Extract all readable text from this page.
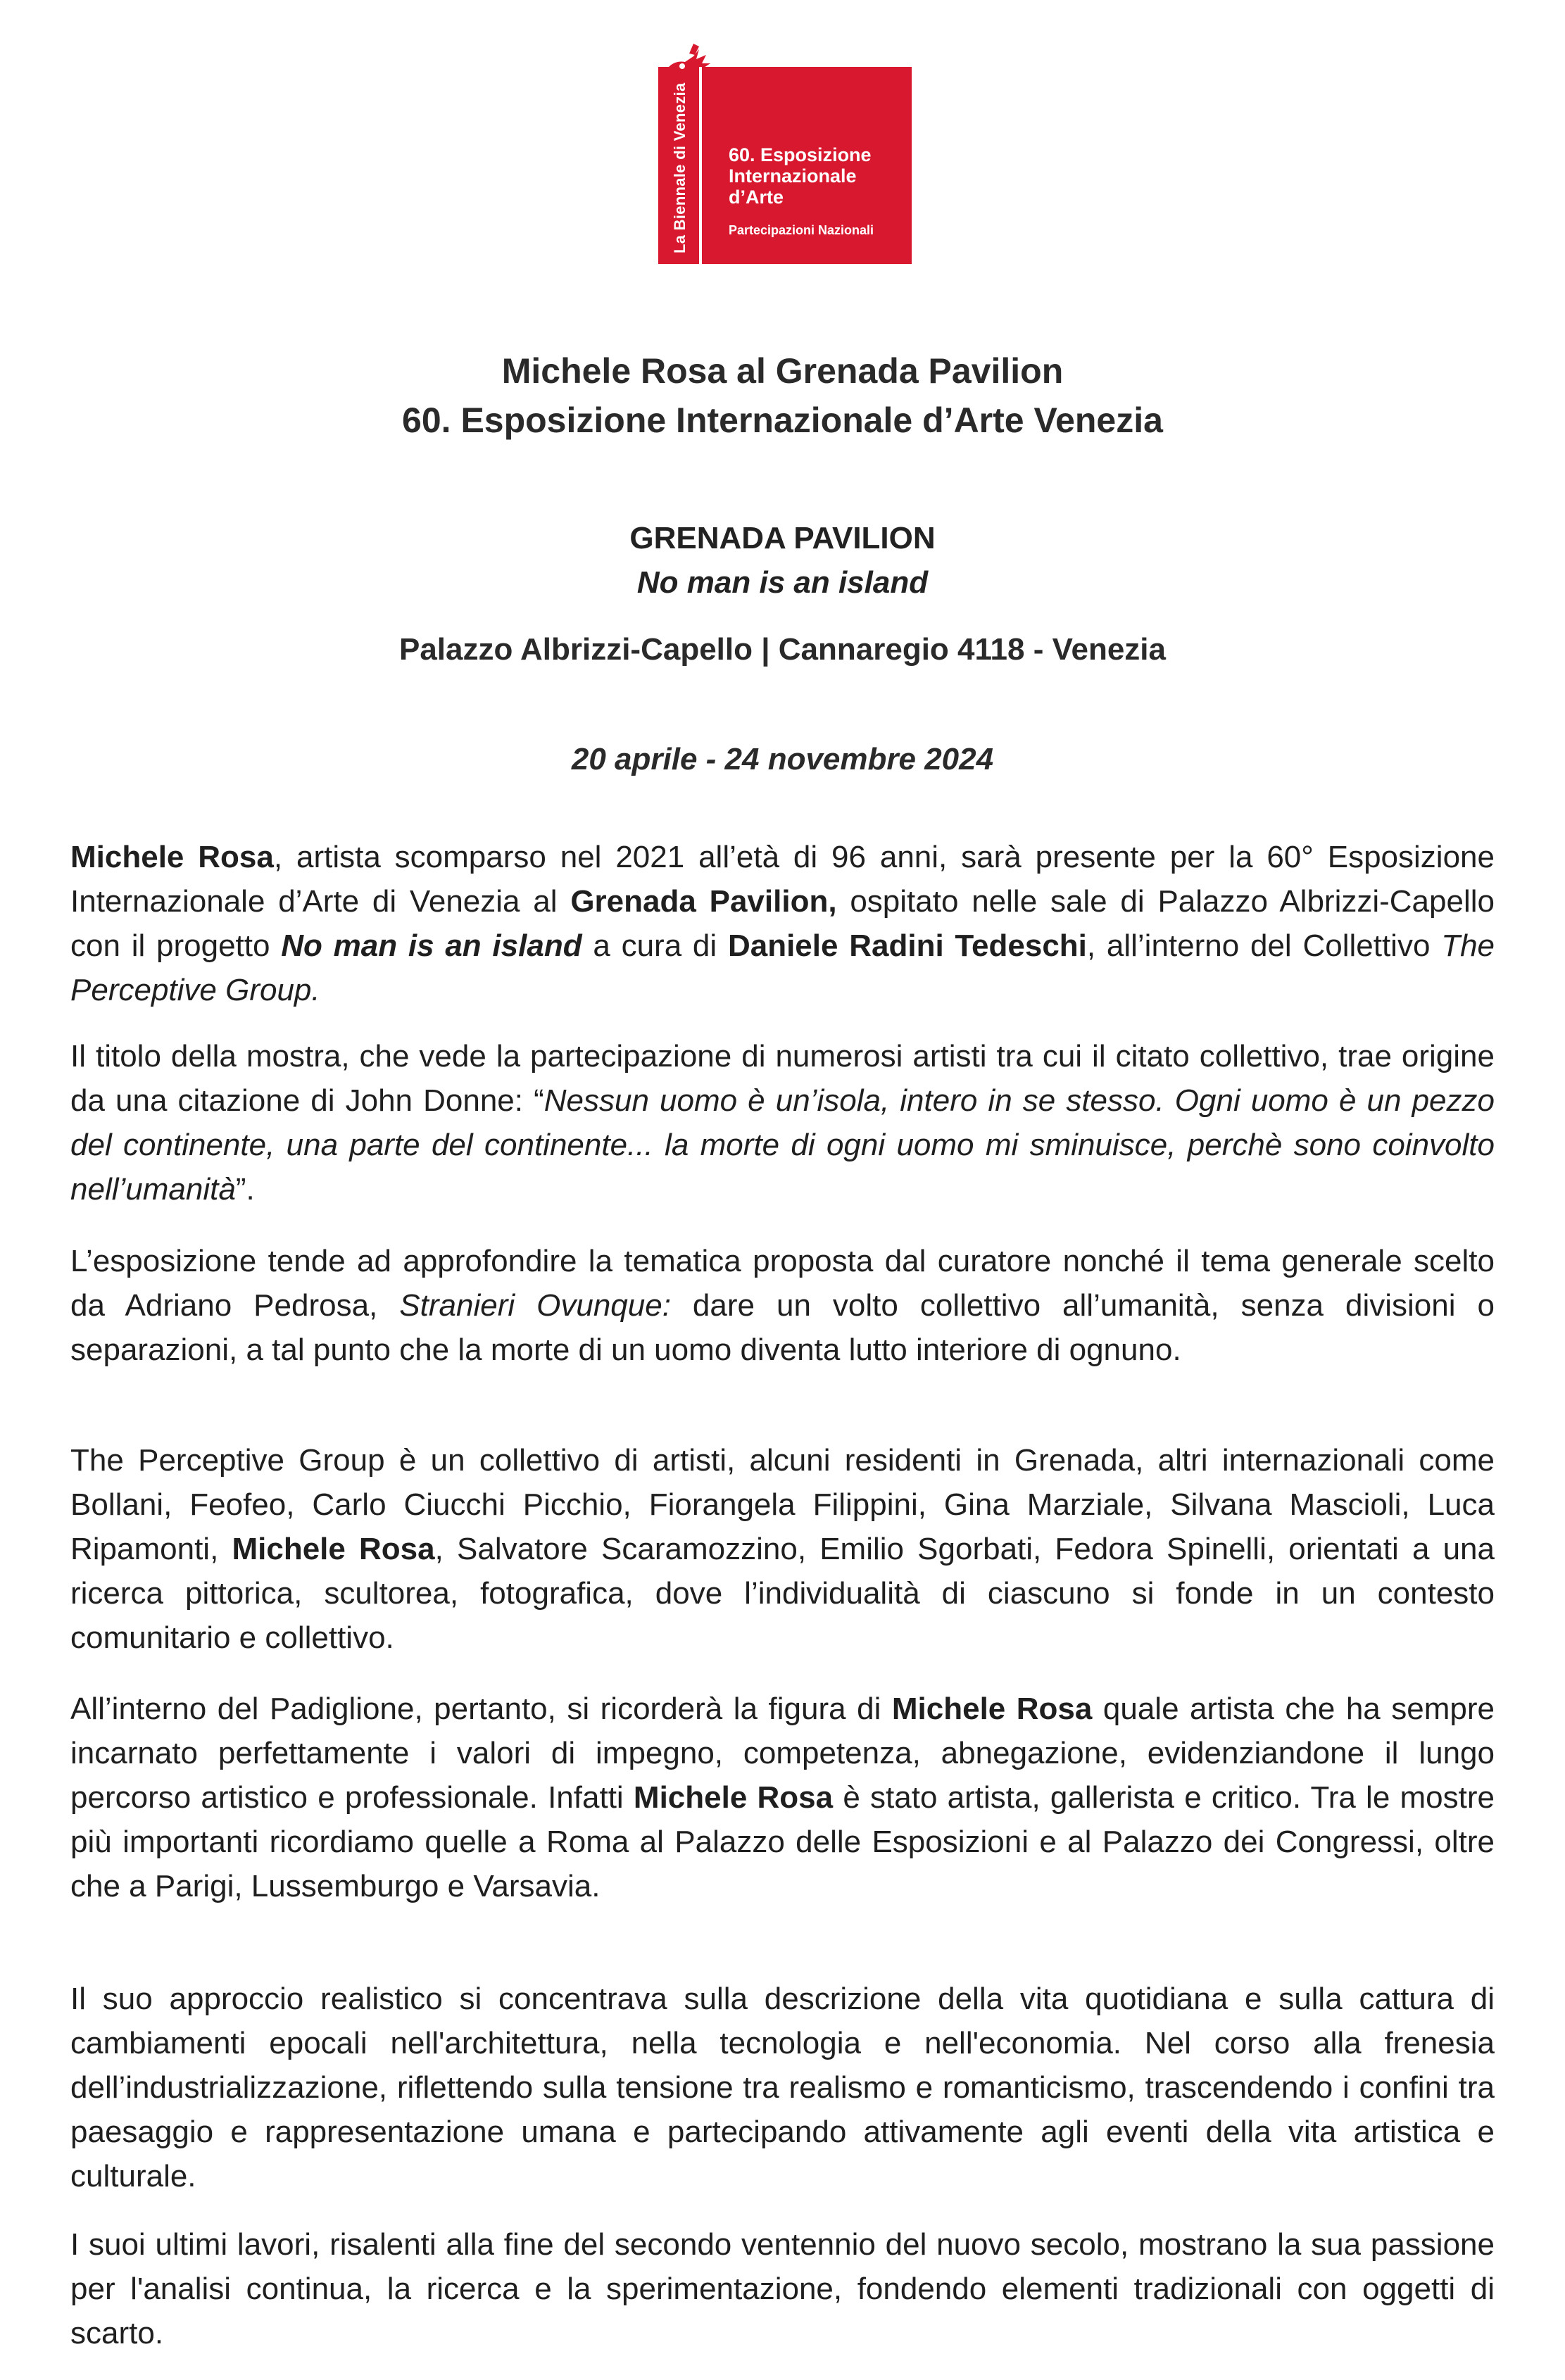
La Biennale di Venezia 60. Esposizione
Internazionale
d’Arte
Partecipazioni Nazionali
Michele Rosa al Grenada Pavilion
60. Esposizione Internazionale d’Arte Venezia
GRENADA PAVILION
No man is an island
Palazzo Albrizzi-Capello | Cannaregio 4118 - Venezia
20 aprile - 24 novembre 2024
Michele Rosa, artista scomparso nel 2021 all’età di 96 anni, sarà presente per la 60° Esposizione Internazionale d’Arte di Venezia al Grenada Pavilion, ospitato nelle sale di Palazzo Albrizzi-Capello con il progetto No man is an island a cura di Daniele Radini Tedeschi, all’interno del Collettivo The Perceptive Group.
Il titolo della mostra, che vede la partecipazione di numerosi artisti tra cui il citato collettivo, trae origine da una citazione di John Donne: “Nessun uomo è un’isola, intero in se stesso. Ogni uomo è un pezzo del continente, una parte del continente... la morte di ogni uomo mi sminuisce, perchè sono coinvolto nell’umanità”.
L’esposizione tende ad approfondire la tematica proposta dal curatore nonché il tema generale scelto da Adriano Pedrosa, Stranieri Ovunque: dare un volto collettivo all’umanità, senza divisioni o separazioni, a tal punto che la morte di un uomo diventa lutto interiore di ognuno.
The Perceptive Group è un collettivo di artisti, alcuni residenti in Grenada, altri internazionali come Bollani, Feofeo, Carlo Ciucchi Picchio, Fiorangela Filippini, Gina Marziale, Silvana Mascioli, Luca Ripamonti, Michele Rosa, Salvatore Scaramozzino, Emilio Sgorbati, Fedora Spinelli, orientati a una ricerca pittorica, scultorea, fotografica, dove l’individualità di ciascuno si fonde in un contesto comunitario e collettivo.
All’interno del Padiglione, pertanto, si ricorderà la figura di Michele Rosa quale artista che ha sempre incarnato perfettamente i valori di impegno, competenza, abnegazione, evidenziandone il lungo percorso artistico e professionale. Infatti Michele Rosa è stato artista, gallerista e critico. Tra le mostre più importanti ricordiamo quelle a Roma al Palazzo delle Esposizioni e al Palazzo dei Congressi, oltre che a Parigi, Lussemburgo e Varsavia.
Il suo approccio realistico si concentrava sulla descrizione della vita quotidiana e sulla cattura di cambiamenti epocali nell'architettura, nella tecnologia e nell'economia. Nel corso alla frenesia dell’industrializzazione, riflettendo sulla tensione tra realismo e romanticismo, trascendendo i confini tra paesaggio e rappresentazione umana e partecipando attivamente agli eventi della vita artistica e culturale.
I suoi ultimi lavori, risalenti alla fine del secondo ventennio del nuovo secolo, mostrano la sua passione per l'analisi continua, la ricerca e la sperimentazione, fondendo elementi tradizionali con oggetti di scarto.
